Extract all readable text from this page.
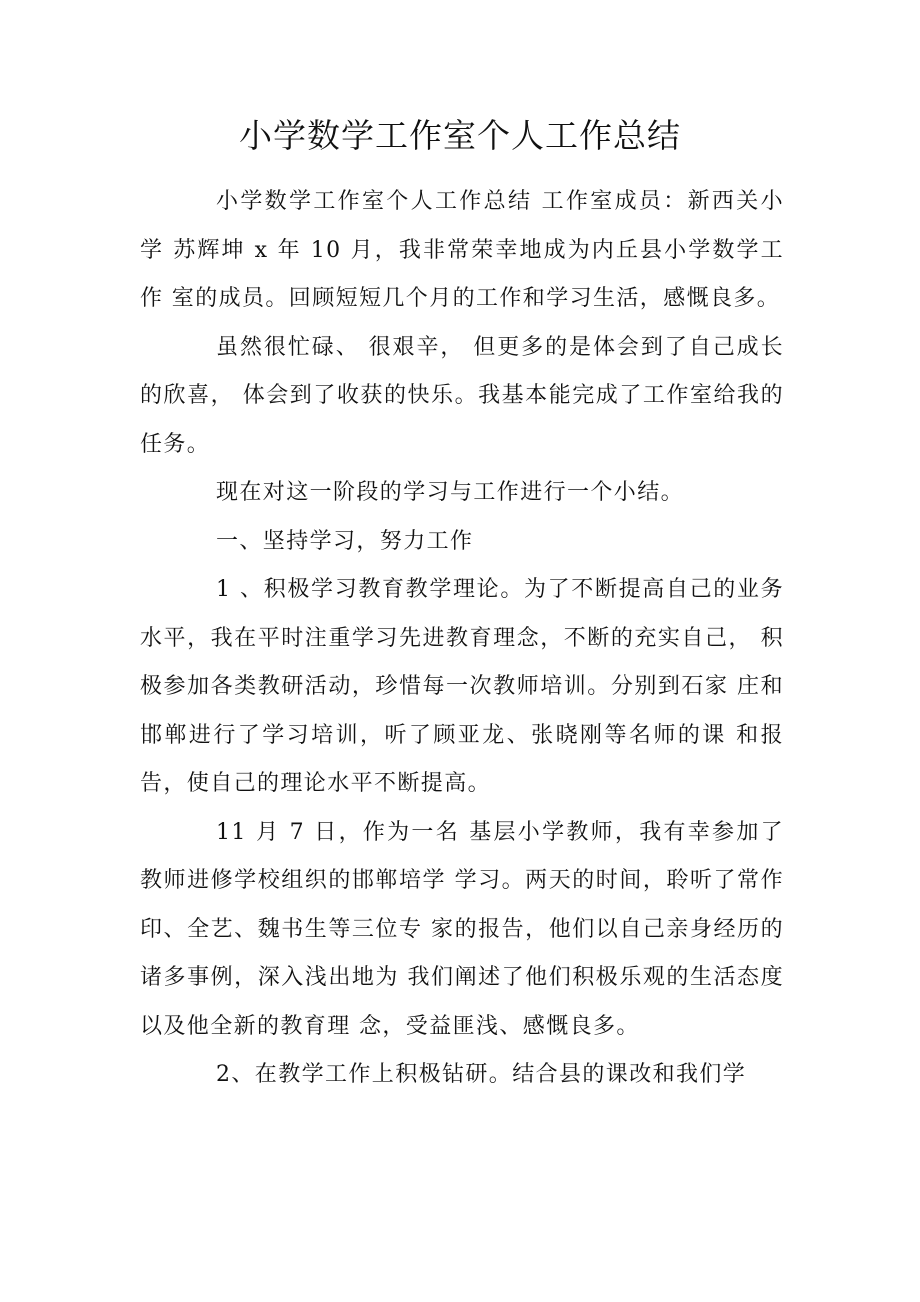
小学数学工作室个人工作总结

小学数学工作室个人工作总结 工作室成员：新西关小学 苏辉坤 x 年 10 月，我非常荣幸地成为内丘县小学数学工作 室的成员。回顾短短几个月的工作和学习生活，感慨良多。

虽然很忙碌、 很艰辛， 但更多的是体会到了自己成长的欣喜， 体会到了收获的快乐。我基本能完成了工作室给我的任务。

现在对这一阶段的学习与工作进行一个小结。

一、坚持学习，努力工作

1 、积极学习教育教学理论。为了不断提高自己的业务 水平，我在平时注重学习先进教育理念，不断的充实自己， 积极参加各类教研活动，珍惜每一次教师培训。分别到石家 庄和邯郸进行了学习培训，听了顾亚龙、张晓刚等名师的课 和报告，使自己的理论水平不断提高。

11 月 7 日，作为一名 基层小学教师，我有幸参加了教师进修学校组织的邯郸培学 学习。两天的时间，聆听了常作印、全艺、魏书生等三位专 家的报告，他们以自己亲身经历的诸多事例，深入浅出地为 我们阐述了他们积极乐观的生活态度以及他全新的教育理 念，受益匪浅、感慨良多。

2、在教学工作上积极钻研。结合县的课改和我们学
